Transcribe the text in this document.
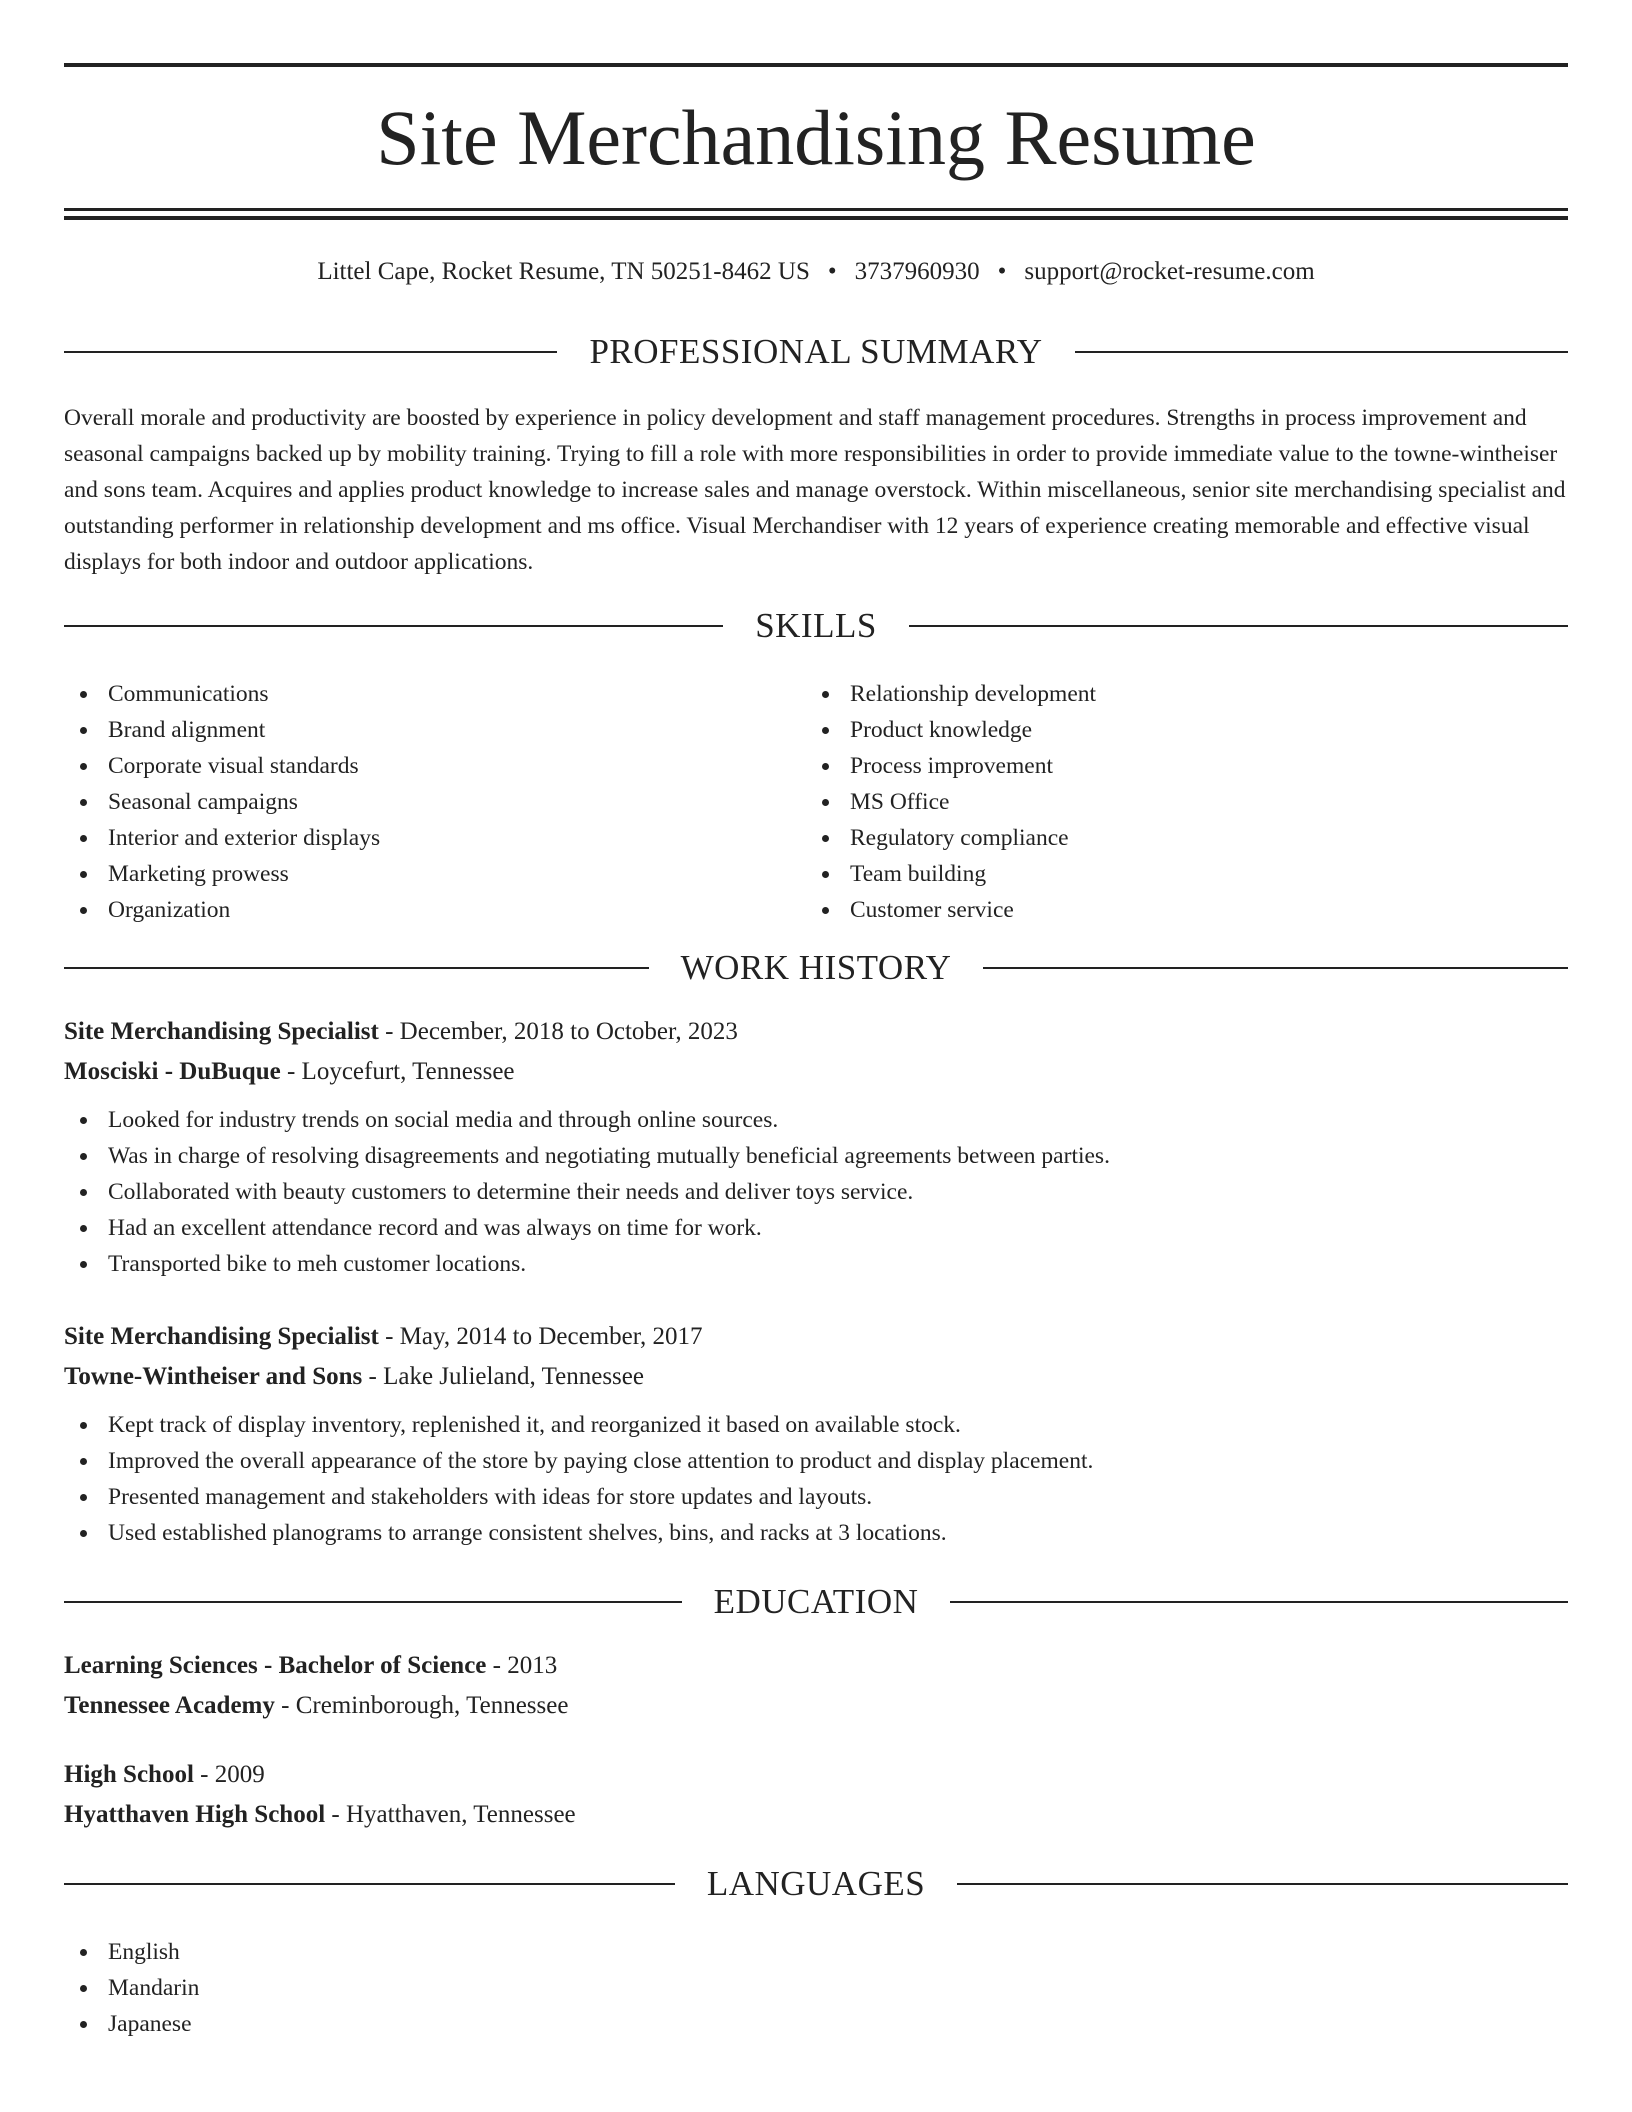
Site Merchandising Resume
Littel Cape, Rocket Resume, TN 50251-8462 US • 3737960930 • support@rocket-resume.com
PROFESSIONAL SUMMARY

Overall morale and productivity are boosted by experience in policy development and staff management procedures. Strengths in process improvement and seasonal campaigns backed up by mobility training. Trying to fill a role with more responsibilities in order to provide immediate value to the towne-wintheiser and sons team. Acquires and applies product knowledge to increase sales and manage overstock. Within miscellaneous, senior site merchandising specialist and outstanding performer in relationship development and ms office. Visual Merchandiser with 12 years of experience creating memorable and effective visual displays for both indoor and outdoor applications.

SKILLS
Communications
Brand alignment
Corporate visual standards
Seasonal campaigns
Interior and exterior displays
Marketing prowess
Organization
Relationship development
Product knowledge
Process improvement
MS Office
Regulatory compliance
Team building
Customer service
WORK HISTORY
Site Merchandising Specialist - December, 2018 to October, 2023
Mosciski - DuBuque - Loycefurt, Tennessee
Looked for industry trends on social media and through online sources.
Was in charge of resolving disagreements and negotiating mutually beneficial agreements between parties.
Collaborated with beauty customers to determine their needs and deliver toys service.
Had an excellent attendance record and was always on time for work.
Transported bike to meh customer locations.
Site Merchandising Specialist - May, 2014 to December, 2017
Towne-Wintheiser and Sons - Lake Julieland, Tennessee
Kept track of display inventory, replenished it, and reorganized it based on available stock.
Improved the overall appearance of the store by paying close attention to product and display placement.
Presented management and stakeholders with ideas for store updates and layouts.
Used established planograms to arrange consistent shelves, bins, and racks at 3 locations.
EDUCATION
Learning Sciences - Bachelor of Science - 2013
Tennessee Academy - Creminborough, Tennessee
High School - 2009
Hyatthaven High School - Hyatthaven, Tennessee
LANGUAGES
English
Mandarin
Japanese
